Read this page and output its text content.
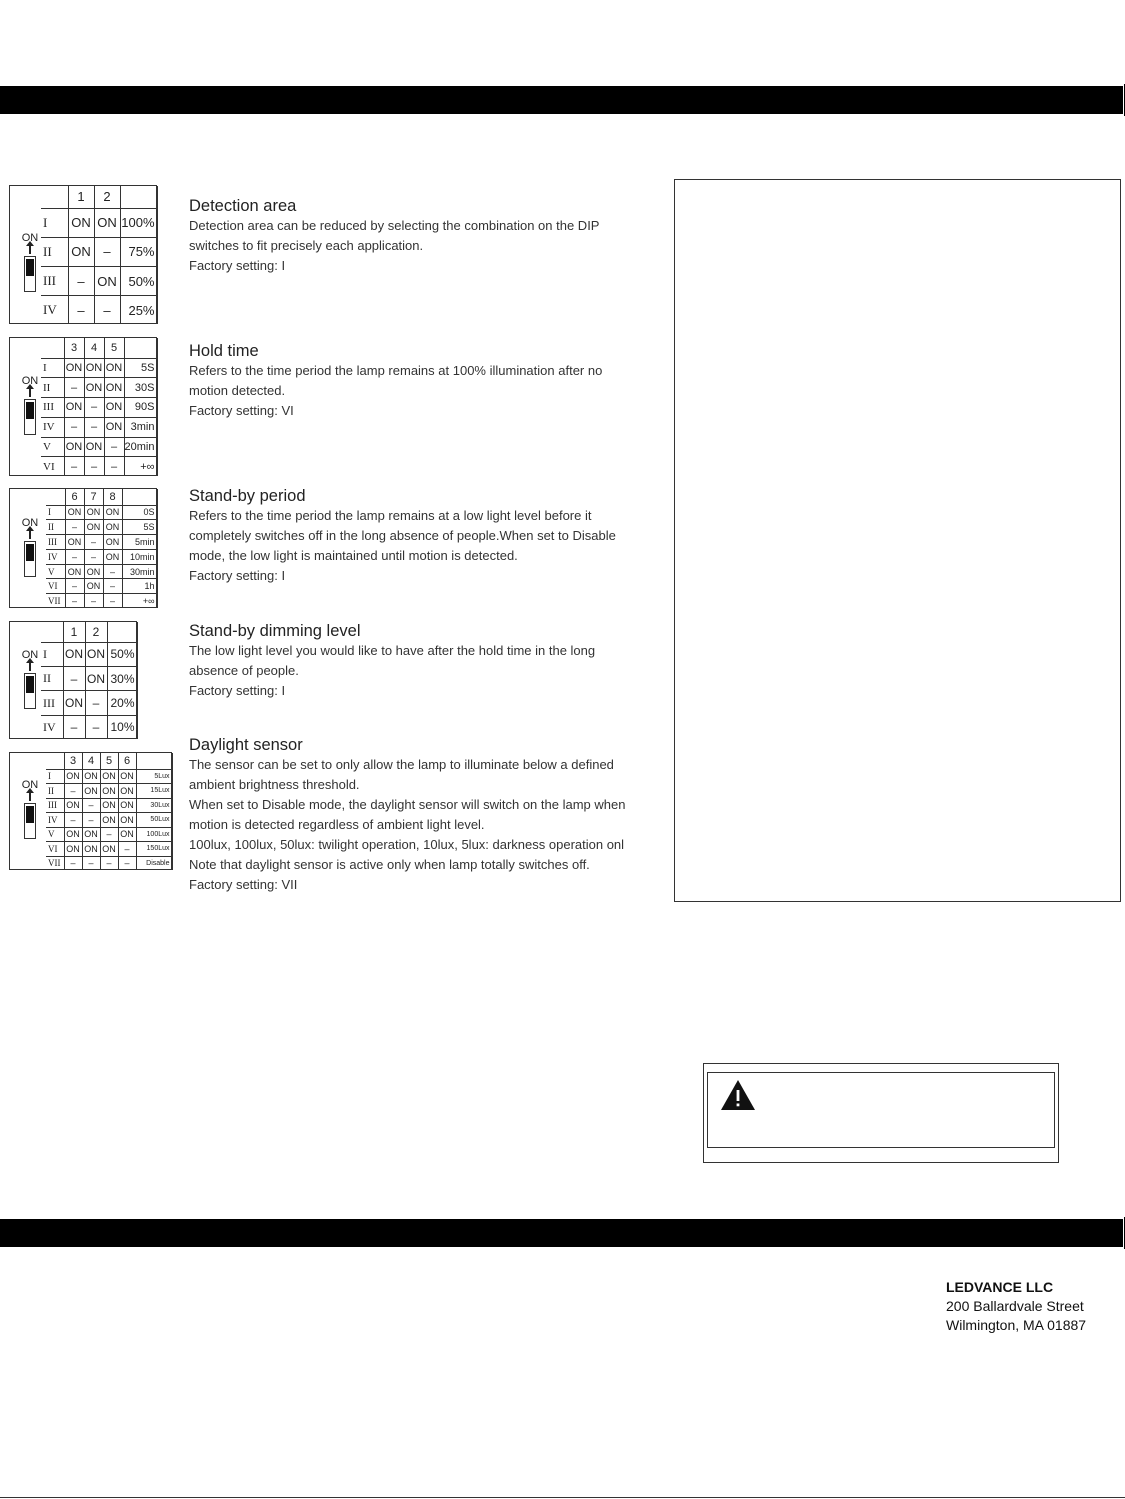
ON
	1	2	
I	ON	ON	100%
II	ON	–	75%
III	–	ON	50%
IV	–	–	25%
Detection area

Detection area can be reduced by selecting the combination on the DIP

switches to fit precisely each application.

Factory setting: I

ON
	3	4	5	
I	ON	ON	ON	5S
II	–	ON	ON	30S
III	ON	–	ON	90S
IV	–	–	ON	3min
V	ON	ON	–	20min
VI	–	–	–	+∞
Hold time

Refers to the time period the lamp remains at 100% illumination after no

motion detected.

Factory setting: VI

ON
	6	7	8	
I	ON	ON	ON	0S
II	–	ON	ON	5S
III	ON	–	ON	5min
IV	–	–	ON	10min
V	ON	ON	–	30min
VI	–	ON	–	1h
VII	–	–	–	+∞
Stand-by period

Refers to the time period the lamp remains at a low light level before it

completely switches off in the long absence of people.When set to Disable

mode, the low light is maintained until motion is detected.

Factory setting: I

ON
	1	2	
I	ON	ON	50%
II	–	ON	30%
III	ON	–	20%
IV	–	–	10%
Stand-by dimming level

The low light level you would like to have after the hold time in the long

absence of people.

Factory setting: I

ON
	3	4	5	6	
I	ON	ON	ON	ON	5Lux
II	–	ON	ON	ON	15Lux
III	ON	–	ON	ON	30Lux
IV	–	–	ON	ON	50Lux
V	ON	ON	–	ON	100Lux
VI	ON	ON	ON	–	150Lux
VII	–	–	–	–	Disable
Daylight sensor

The sensor can be set to only allow the lamp to illuminate below a defined

ambient brightness threshold.

When set to Disable mode, the daylight sensor will switch on the lamp when

motion is detected regardless of ambient light level.

100lux, 100lux, 50lux: twilight operation, 10lux, 5lux: darkness operation onl

Note that daylight sensor is active only when lamp totally switches off.

Factory setting: VII

LEDVANCE LLC
200 Ballardvale Street
Wilmington, MA 01887
